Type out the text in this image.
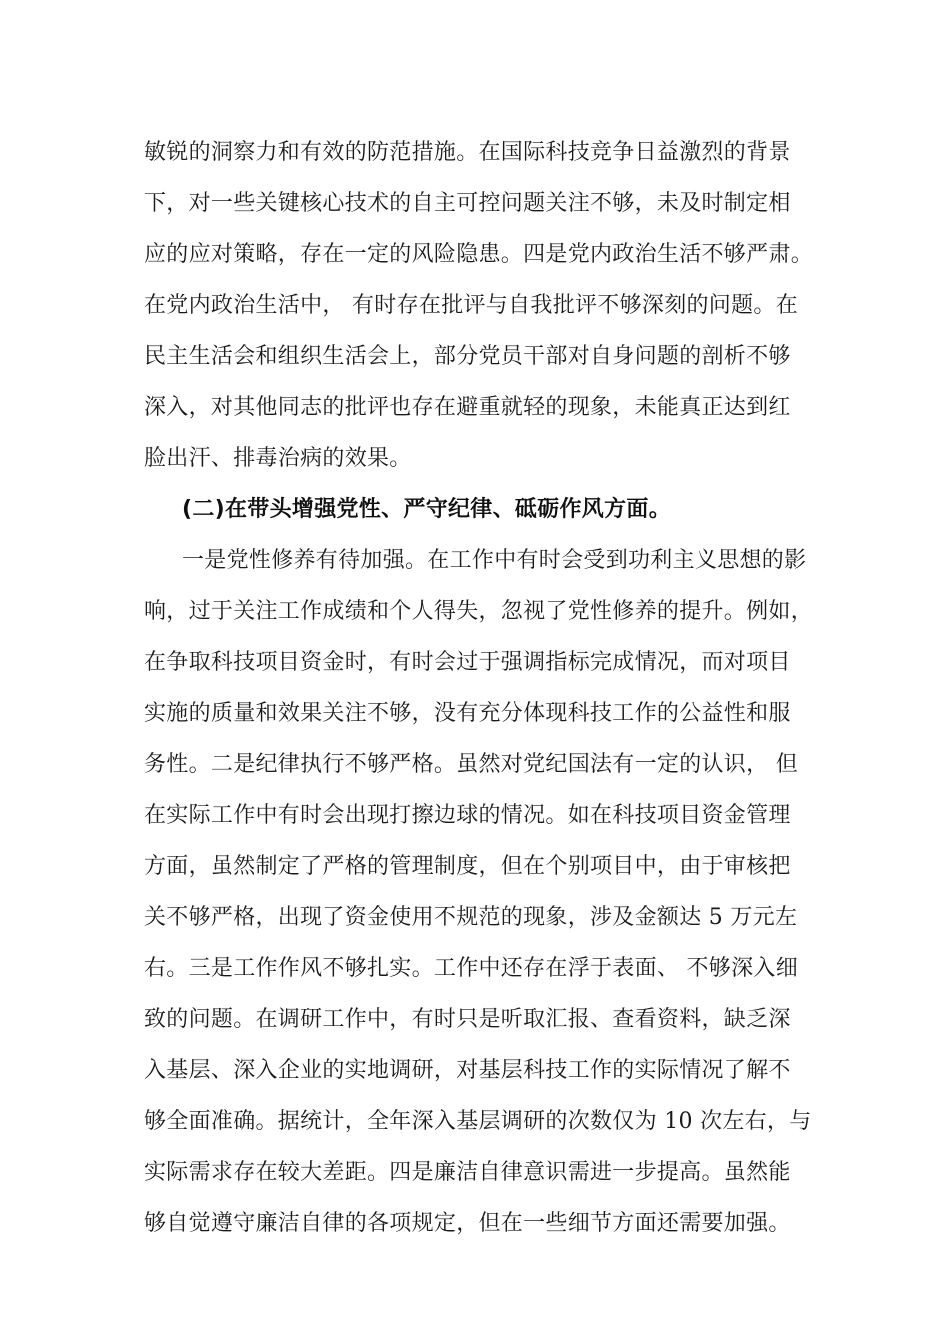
敏锐的洞察力和有效的防范措施。在国际科技竞争日益激烈的背景
下，对一些关键核心技术的自主可控问题关注不够，未及时制定相
应的应对策略，存在一定的风险隐患。四是党内政治生活不够严肃。
在党内政治生活中， 有时存在批评与自我批评不够深刻的问题。在
民主生活会和组织生活会上，部分党员干部对自身问题的剖析不够
深入，对其他同志的批评也存在避重就轻的现象，未能真正达到红
脸出汗、排毒治病的效果。
(二)在带头增强党性、严守纪律、砥砺作风方面。
一是党性修养有待加强。在工作中有时会受到功利主义思想的影
响，过于关注工作成绩和个人得失，忽视了党性修养的提升。例如，
在争取科技项目资金时，有时会过于强调指标完成情况，而对项目
实施的质量和效果关注不够，没有充分体现科技工作的公益性和服
务性。二是纪律执行不够严格。虽然对党纪国法有一定的认识， 但
在实际工作中有时会出现打擦边球的情况。如在科技项目资金管理
方面，虽然制定了严格的管理制度，但在个别项目中，由于审核把
关不够严格，出现了资金使用不规范的现象，涉及金额达 5 万元左
右。三是工作作风不够扎实。工作中还存在浮于表面、 不够深入细
致的问题。在调研工作中，有时只是听取汇报、查看资料，缺乏深
入基层、深入企业的实地调研，对基层科技工作的实际情况了解不
够全面准确。据统计，全年深入基层调研的次数仅为 10 次左右，与
实际需求存在较大差距。四是廉洁自律意识需进一步提高。虽然能
够自觉遵守廉洁自律的各项规定，但在一些细节方面还需要加强。
